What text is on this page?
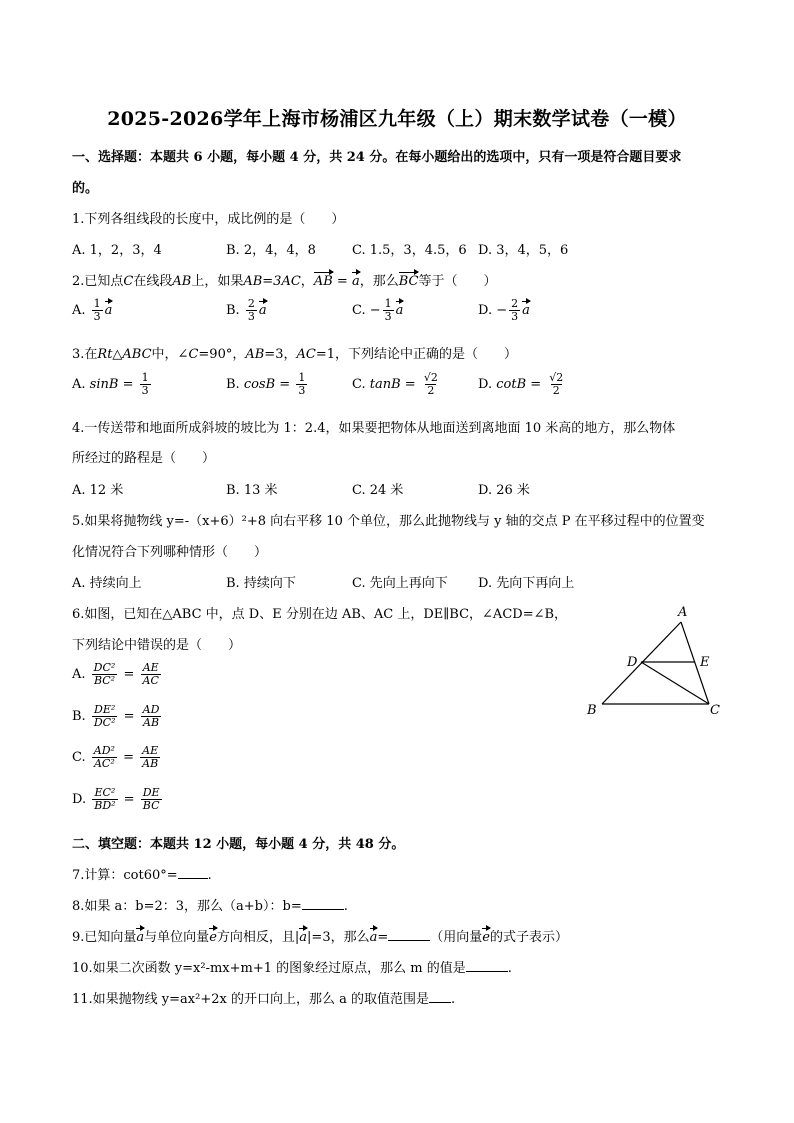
2025-2026学年上海市杨浦区九年级（上）期末数学试卷（一模）
一、选择题：本题共 6 小题，每小题 4 分，共 24 分。在每小题给出的选项中，只有一项是符合题目要求
的。
1.下列各组线段的长度中，成比例的是（　　）
A. 1，2，3，4	B. 2，4，4，8	C. 1.5，3，4.5，6 D. 3，4，5，6
2.已知点C在线段AB上，如果AB=3AC，AB = a，那么BC等于（　　）
A. $\frac{1}{3}$ a	B. $\frac{2}{3}$ a	C. − $\frac{1}{3}$ a	D. − $\frac{2}{3}$ a
3.在Rt△ABC中，∠C=90°，AB=3，AC=1，下列结论中正确的是（　　）
A. $\sin B = \frac{1}{3}$	B. $\cos B = \frac{1}{3}$	C. $\tan B = \frac{√2}{2}$	D. $\cot B = \frac{√2}{2}$
4.一传送带和地面所成斜坡的坡比为 1：2.4，如果要把物体从地面送到离地面 10 米高的地方，那么物体
所经过的路程是（　　）
A. 12 米	B. 13 米	C. 24 米	D. 26 米
5.如果将抛物线 y=-（x+6）²+8 向右平移 10 个单位，那么此抛物线与 y 轴的交点 P 在平移过程中的位置变
化情况符合下列哪种情形（　　）
A. 持续向上	B. 持续向下	C. 先向上再向下 D. 先向下再向上
6.如图，已知在△ABC 中，点 D、E 分别在边 AB、AC 上，DE∥BC，∠ACD=∠B，
下列结论中错误的是（　　）
A. $\frac{\text{DC²}}{\text{BC²}} = \frac{AE}{AC}$
B. $\frac{\text{DE²}}{\text{DC²}} = \frac{AD}{AB}$
C. $\frac{\text{AD²}}{\text{AC²}} = \frac{AE}{AB}$
D. $\frac{\text{EC²}}{\text{BD²}} = \frac{DE}{BC}$
A
B	C
D	E
二、填空题：本题共 12 小题，每小题 4 分，共 48 分。
7.计算：cot60°= .
8.如果 a：b=2：3，那么（a+b）：b=	.
9.已知向量a与单位向量e方向相反，且|a|=3，那么a=	（用向量e的式子表示）
10.如果二次函数 y=x²-mx+m+1 的图象经过原点，那么 m 的值是	.
11.如果抛物线 y=ax²+2x 的开口向上，那么 a 的取值范围是 .
